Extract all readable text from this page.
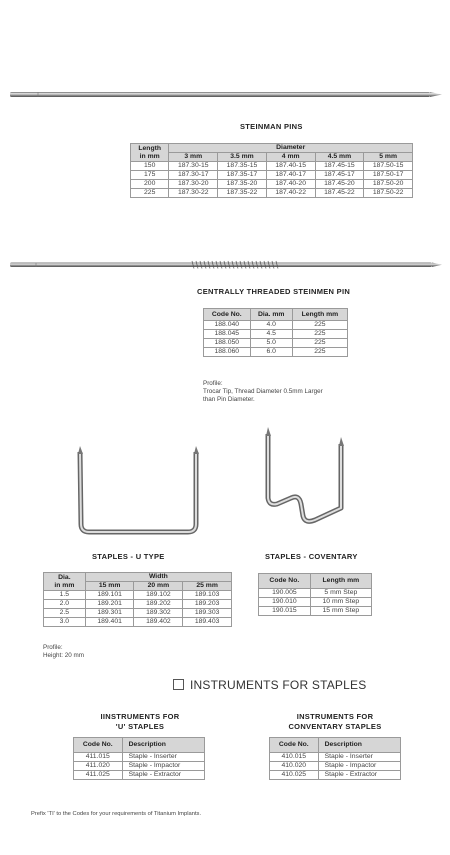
STEINMAN PINS
Length
in mm	Diameter				
	3 mm	3.5 mm	4 mm	4.5 mm	5 mm
150	187.30-15	187.35-15	187.40-15	187.45-15	187.50-15
175	187.30-17	187.35-17	187.40-17	187.45-17	187.50-17
200	187.30-20	187.35-20	187.40-20	187.45-20	187.50-20
225	187.30-22	187.35-22	187.40-22	187.45-22	187.50-22
CENTRALLY THREADED STEINMEN PIN
Code No.	Dia. mm	Length mm
188.040	4.0	225
188.045	4.5	225
188.050	5.0	225
188.060	6.0	225
Profile:
Trocar Tip, Thread Diameter 0.5mm Larger
than Pin Diameter.
STAPLES - U TYPE	STAPLES - COVENTARY
Dia.
in mm	Width		
	15 mm	20 mm	25 mm
1.5	189.101	189.102	189.103
2.0	189.201	189.202	189.203
2.5	189.301	189.302	189.303
3.0	189.401	189.402	189.403
Code No.	Length mm
190.005	5 mm Step
190.010	10 mm Step
190.015	15 mm Step
Profile:
Height: 20 mm
INSTRUMENTS FOR STAPLES
IINSTRUMENTS FOR
'U' STAPLES
INSTRUMENTS FOR
CONVENTARY STAPLES
Code No.	Description
411.015	Staple - Inserter
411.020	Staple - Impactor
411.025	Staple - Extractor
Code No.	Description
410.015	Staple - Inserter
410.020	Staple - Impactor
410.025	Staple - Extractor
Prefix 'TI' to the Codes for your requirements of Titanium Implants.
